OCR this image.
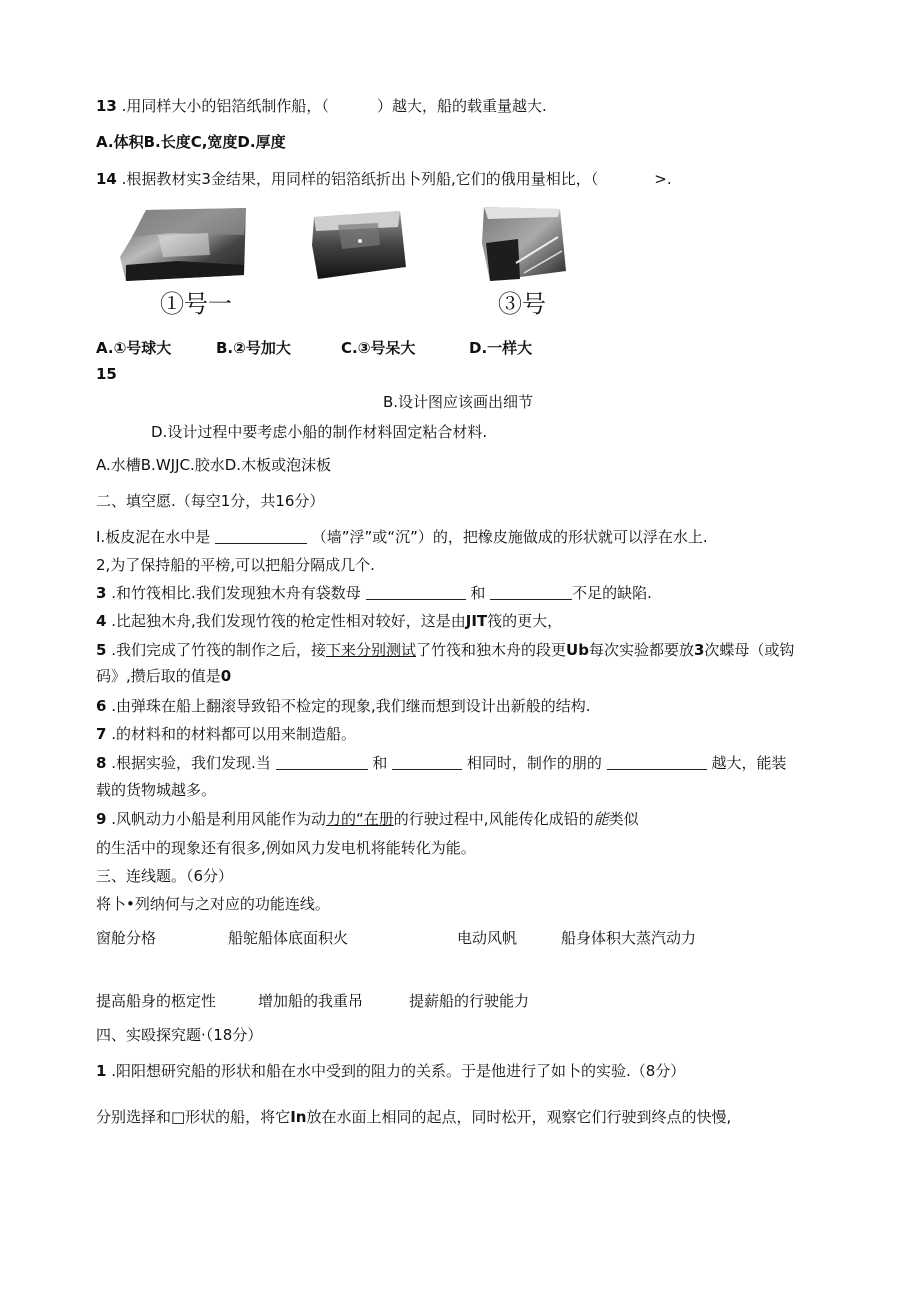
13 .用同样大小的铝箔纸制作船，（	）越大，船的载重量越大.
A.体积B.长度C,宽度D.厚度
14 .根据教材实3金结果，用同样的铝箔纸折出卜列船,它们的俄用量相比，（	>.
①号一	③号
A.①号球大	B.②号加大	C.③号呆大	D.一样大
15
B.设计图应该画出细节
D.设计过程中要考虑小船的制作材料固定粘合材料.
A.水槽B.WJJC.胶水D.木板或泡沫板
二、填空愿.（每空1分，共16分）
I.板皮泥在水中是	（墙”浮”或“沉”）的，把橡皮施做成的形状就可以浮在水上.
2,为了保持船的平榜,可以把船分隔成几个.
3 .和竹筏相比.我们发现独木舟有袋数母	和	不足的缺陷.
4 .比起独木舟,我们发现竹筏的枪定性相对较好，这是由JIT筏的更大，
5 .我们完成了竹筏的制作之后，接下来分别测试了竹筏和独木舟的段更Ub每次实验都要放3次蝶母（或钩
码》,攒后取的值是0
6 .由弹珠在船上翻滚导致铅不检定的现象,我们继而想到设计出新般的结构.
7 .的材料和的材料都可以用来制造船。
8 .根据实验，我们发现.当	和	相同时，制作的朋的	越大，能装
载的货物城越多。
9 .风帆动力小船是利用风能作为动力的“在册的行驶过程中,风能传化成铅的能类似
的生活中的现象还有很多,例如风力发电机将能转化为能。
三、连线题。（6分）
将卜•列纳何与之对应的功能连线。
窗舱分格	船鸵船体底面积火	电动风帆	船身体积大蒸汽动力
提高船身的柩定性	增加船的我重吊	提薪船的行驶能力
四、实殴探究题·（18分）
1 .阳阳想研究船的形状和船在水中受到的阻力的关系。于是他进行了如卜的实验.（8分）
分别选择和□形状的船，将它In放在水面上相同的起点，同时松开，观察它们行驶到终点的快慢,
